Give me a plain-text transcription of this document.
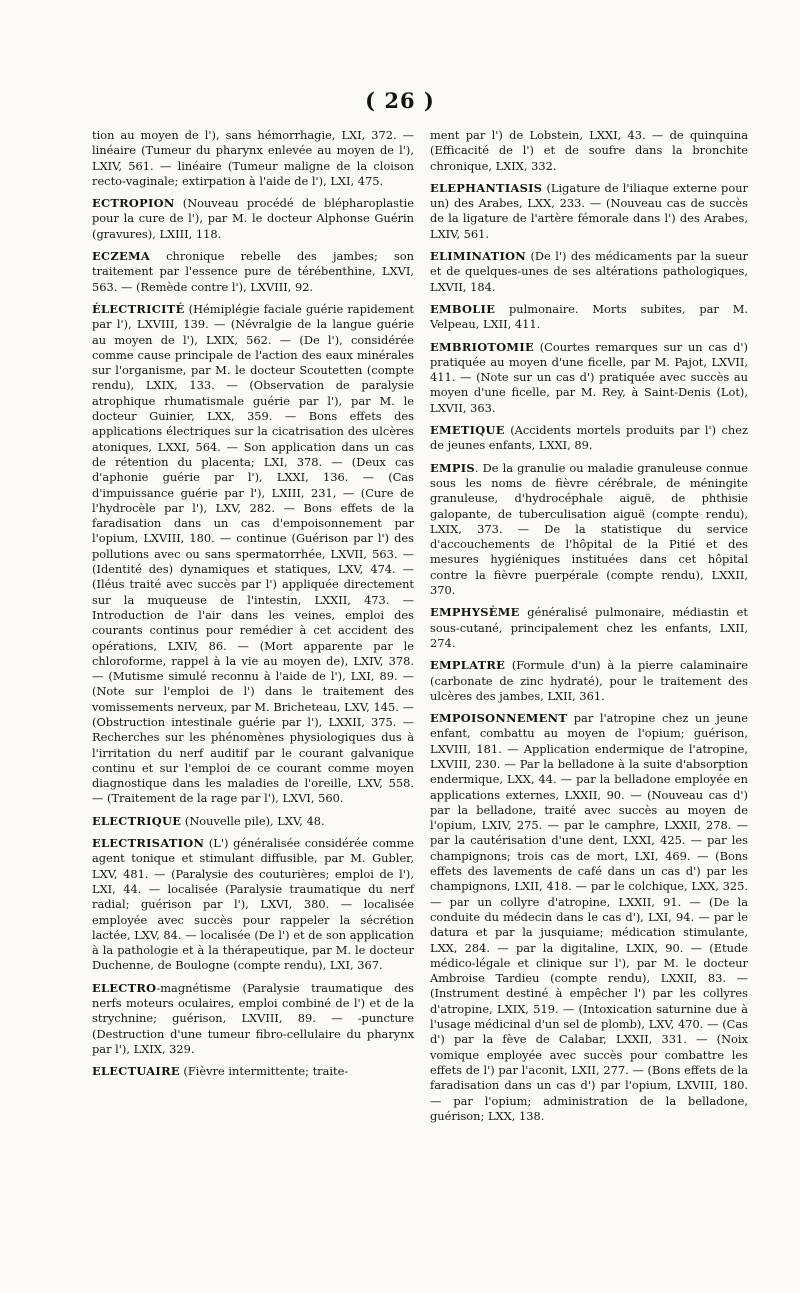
( 26 )

tion au moyen de l'), sans hémorrhagie, LXI, 372. — linéaire (Tumeur du pharynx enlevée au moyen de l'), LXIV, 561. — linéaire (Tumeur maligne de la cloison recto-vaginale; extirpation à l'aide de l'), LXI, 475.

ECTROPION (Nouveau procédé de blépharoplastie pour la cure de l'), par M. le docteur Alphonse Guérin (gravures), LXIII, 118.

ECZEMA chronique rebelle des jambes; son traitement par l'essence pure de térébenthine, LXVI, 563. — (Remède contre l'), LXVIII, 92.

ÉLECTRICITÉ (Hémiplégie faciale guérie rapidement par l'), LXVIII, 139. — (Névralgie de la langue guérie au moyen de l'), LXIX, 562. — (De l'), considérée comme cause principale de l'action des eaux minérales sur l'organisme, par M. le docteur Scoutetten (compte rendu), LXIX, 133. — (Observation de paralysie atrophique rhumatismale guérie par l'), par M. le docteur Guinier, LXX, 359. — Bons effets des applications électriques sur la cicatrisation des ulcères atoniques, LXXI, 564. — Son application dans un cas de rétention du placenta; LXI, 378. — (Deux cas d'aphonie guérie par l'), LXXI, 136. — (Cas d'impuissance guérie par l'), LXIII, 231, — (Cure de l'hydrocèle par l'), LXV, 282. — Bons effets de la faradisation dans un cas d'empoisonnement par l'opium, LXVIII, 180. — continue (Guérison par l') des pollutions avec ou sans spermatorrhée, LXVII, 563. — (Identité des) dynamiques et statiques, LXV, 474. — (Iléus traité avec succès par l') appliquée directement sur la muqueuse de l'intestin, LXXII, 473. — Introduction de l'air dans les veines, emploi des courants continus pour remédier à cet accident des opérations, LXIV, 86. — (Mort apparente par le chloroforme, rappel à la vie au moyen de), LXIV, 378. — (Mutisme simulé reconnu à l'aide de l'), LXI, 89. — (Note sur l'emploi de l') dans le traitement des vomissements nerveux, par M. Bricheteau, LXV, 145. — (Obstruction intestinale guérie par l'), LXXII, 375. — Recherches sur les phénomènes physiologiques dus à l'irritation du nerf auditif par le courant galvanique continu et sur l'emploi de ce courant comme moyen diagnostique dans les maladies de l'oreille, LXV, 558. — (Traitement de la rage par l'), LXVI, 560.

ELECTRIQUE (Nouvelle pile), LXV, 48.

ELECTRISATION (L') généralisée considérée comme agent tonique et stimulant diffusible, par M. Gubler, LXV, 481. — (Paralysie des couturières; emploi de l'), LXI, 44. — localisée (Paralysie traumatique du nerf radial; guérison par l'), LXVI, 380. — localisée employée avec succès pour rappeler la sécrétion lactée, LXV, 84. — localisée (De l') et de son application à la pathologie et à la thérapeutique, par M. le docteur Duchenne, de Boulogne (compte rendu), LXI, 367.

ELECTRO-magnétisme (Paralysie traumatique des nerfs moteurs oculaires, emploi combiné de l') et de la strychnine; guérison, LXVIII, 89. — -puncture (Destruction d'une tumeur fibro-cellulaire du pharynx par l'), LXIX, 329.

ELECTUAIRE (Fièvre intermittente; traite-

ment par l') de Lobstein, LXXI, 43. — de quinquina (Efficacité de l') et de soufre dans la bronchite chronique, LXIX, 332.

ELEPHANTIASIS (Ligature de l'iliaque externe pour un) des Arabes, LXX, 233. — (Nouveau cas de succès de la ligature de l'artère fémorale dans l') des Arabes, LXIV, 561.

ELIMINATION (De l') des médicaments par la sueur et de quelques-unes de ses altérations pathologiques, LXVII, 184.

EMBOLIE pulmonaire. Morts subites, par M. Velpeau, LXII, 411.

EMBRIOTOMIE (Courtes remarques sur un cas d') pratiquée au moyen d'une ficelle, par M. Pajot, LXVII, 411. — (Note sur un cas d') pratiquée avec succès au moyen d'une ficelle, par M. Rey, à Saint-Denis (Lot), LXVII, 363.

EMETIQUE (Accidents mortels produits par l') chez de jeunes enfants, LXXI, 89.

EMPIS. De la granulie ou maladie granuleuse connue sous les noms de fièvre cérébrale, de méningite granuleuse, d'hydrocéphale aiguë, de phthisie galopante, de tuberculisation aiguë (compte rendu), LXIX, 373. — De la statistique du service d'accouchements de l'hôpital de la Pitié et des mesures hygiéniques instituées dans cet hôpital contre la fièvre puerpérale (compte rendu), LXXII, 370.

EMPHYSÈME généralisé pulmonaire, médiastin et sous-cutané, principalement chez les enfants, LXII, 274.

EMPLATRE (Formule d'un) à la pierre calaminaire (carbonate de zinc hydraté), pour le traitement des ulcères des jambes, LXII, 361.

EMPOISONNEMENT par l'atropine chez un jeune enfant, combattu au moyen de l'opium; guérison, LXVIII, 181. — Application endermique de l'atropine, LXVIII, 230. — Par la belladone à la suite d'absorption endermique, LXX, 44. — par la belladone employée en applications externes, LXXII, 90. — (Nouveau cas d') par la belladone, traité avec succès au moyen de l'opium, LXIV, 275. — par le camphre, LXXII, 278. — par la cautérisation d'une dent, LXXI, 425. — par les champignons; trois cas de mort, LXI, 469. — (Bons effets des lavements de café dans un cas d') par les champignons, LXII, 418. — par le colchique, LXX, 325. — par un collyre d'atropine, LXXII, 91. — (De la conduite du médecin dans le cas d'), LXI, 94. — par le datura et par la jusquiame; médication stimulante, LXX, 284. — par la digitaline, LXIX, 90. — (Etude médico-légale et clinique sur l'), par M. le docteur Ambroise Tardieu (compte rendu), LXXII, 83. — (Instrument destiné à empêcher l') par les collyres d'atropine, LXIX, 519. — (Intoxication saturnine due à l'usage médicinal d'un sel de plomb), LXV, 470. — (Cas d') par la fève de Calabar, LXXII, 331. — (Noix vomique employée avec succès pour combattre les effets de l') par l'aconit, LXII, 277. — (Bons effets de la faradisation dans un cas d') par l'opium, LXVIII, 180. — par l'opium; administration de la belladone, guérison; LXX, 138.
